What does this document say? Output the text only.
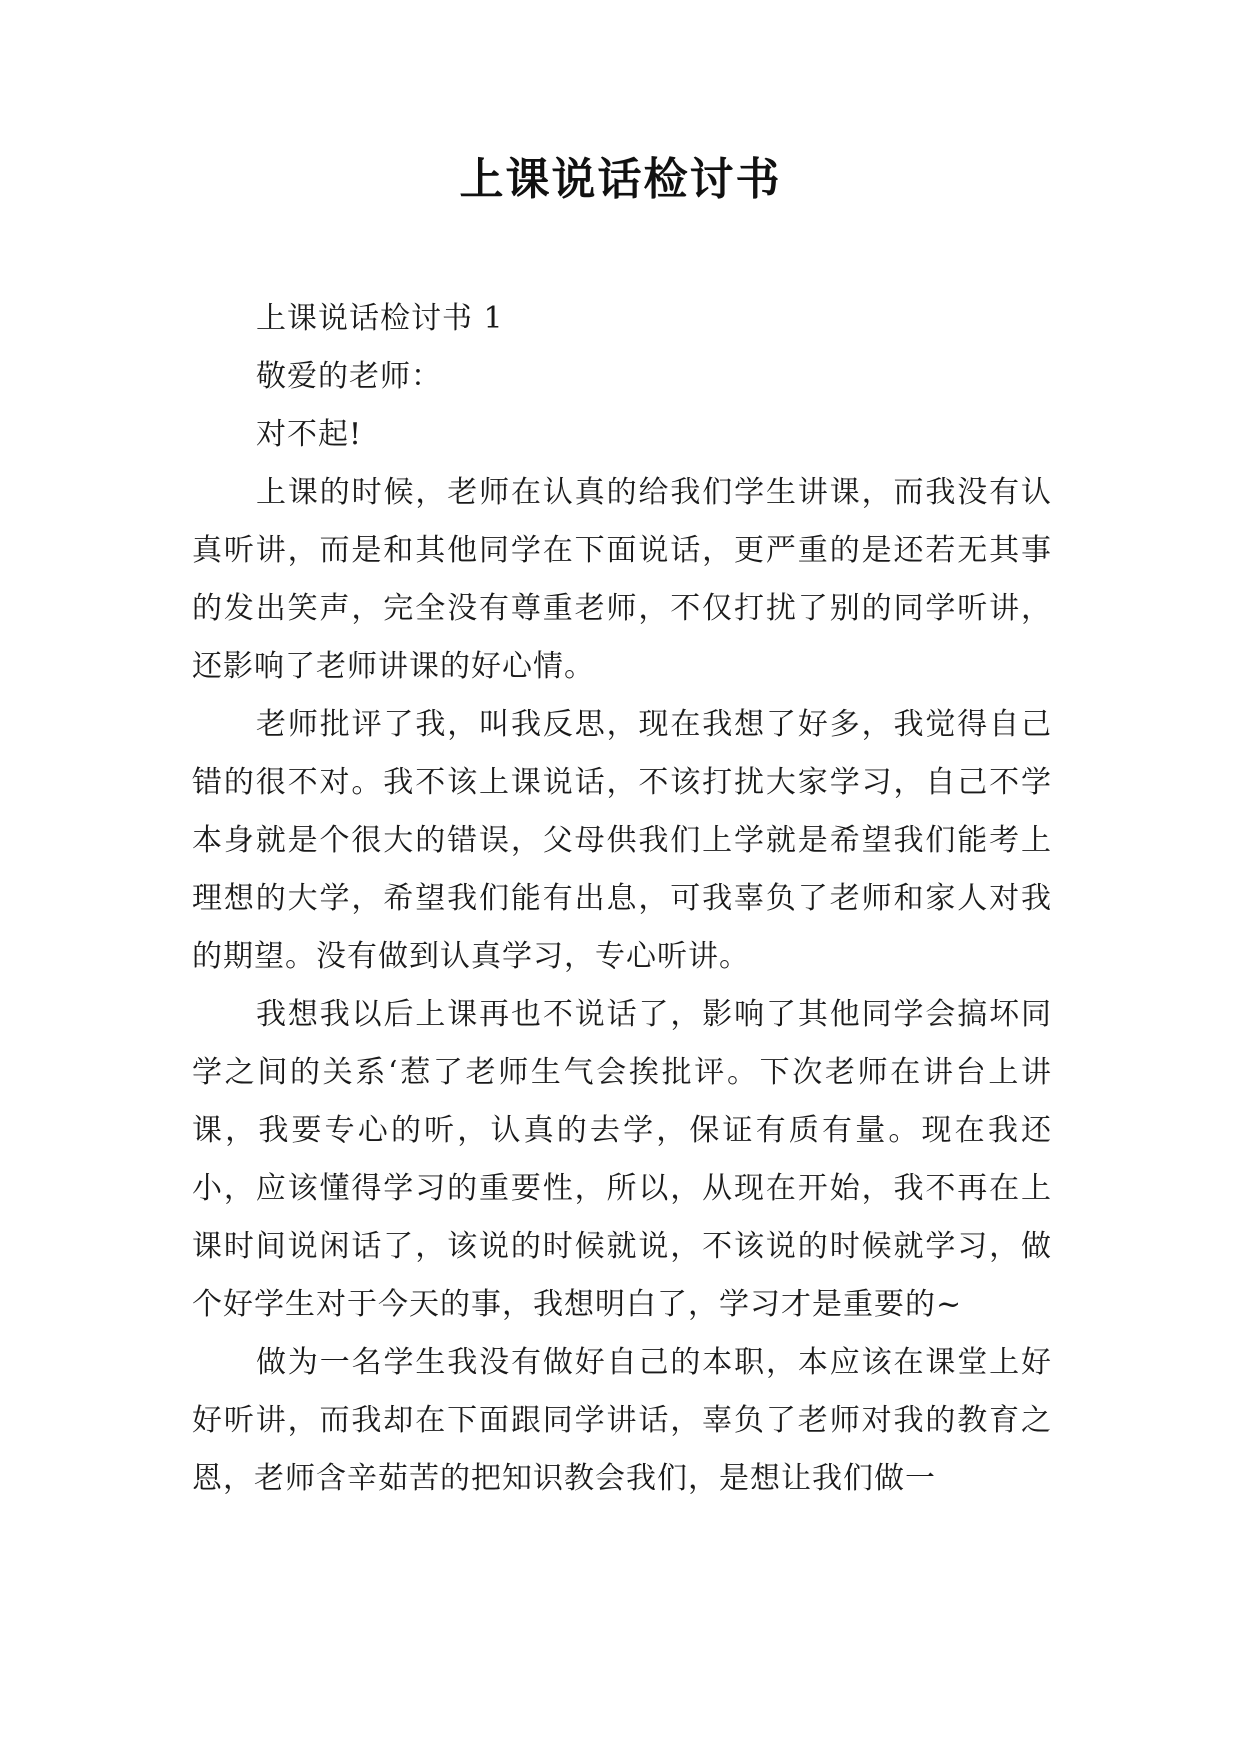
上课说话检讨书

上课说话检讨书 1

敬爱的老师：

对不起!

上课的时候，老师在认真的给我们学生讲课，而我没有认真听讲，而是和其他同学在下面说话，更严重的是还若无其事的发出笑声，完全没有尊重老师，不仅打扰了别的同学听讲，还影响了老师讲课的好心情。

老师批评了我，叫我反思，现在我想了好多，我觉得自己错的很不对。我不该上课说话，不该打扰大家学习，自己不学本身就是个很大的错误，父母供我们上学就是希望我们能考上理想的大学，希望我们能有出息，可我辜负了老师和家人对我的期望。没有做到认真学习，专心听讲。

我想我以后上课再也不说话了，影响了其他同学会搞坏同学之间的关系‘惹了老师生气会挨批评。下次老师在讲台上讲课，我要专心的听，认真的去学，保证有质有量。现在我还小，应该懂得学习的重要性，所以，从现在开始，我不再在上课时间说闲话了，该说的时候就说，不该说的时候就学习，做个好学生对于今天的事，我想明白了，学习才是重要的~

做为一名学生我没有做好自己的本职，本应该在课堂上好好听讲，而我却在下面跟同学讲话，辜负了老师对我的教育之恩，老师含辛茹苦的把知识教会我们，是想让我们做一
